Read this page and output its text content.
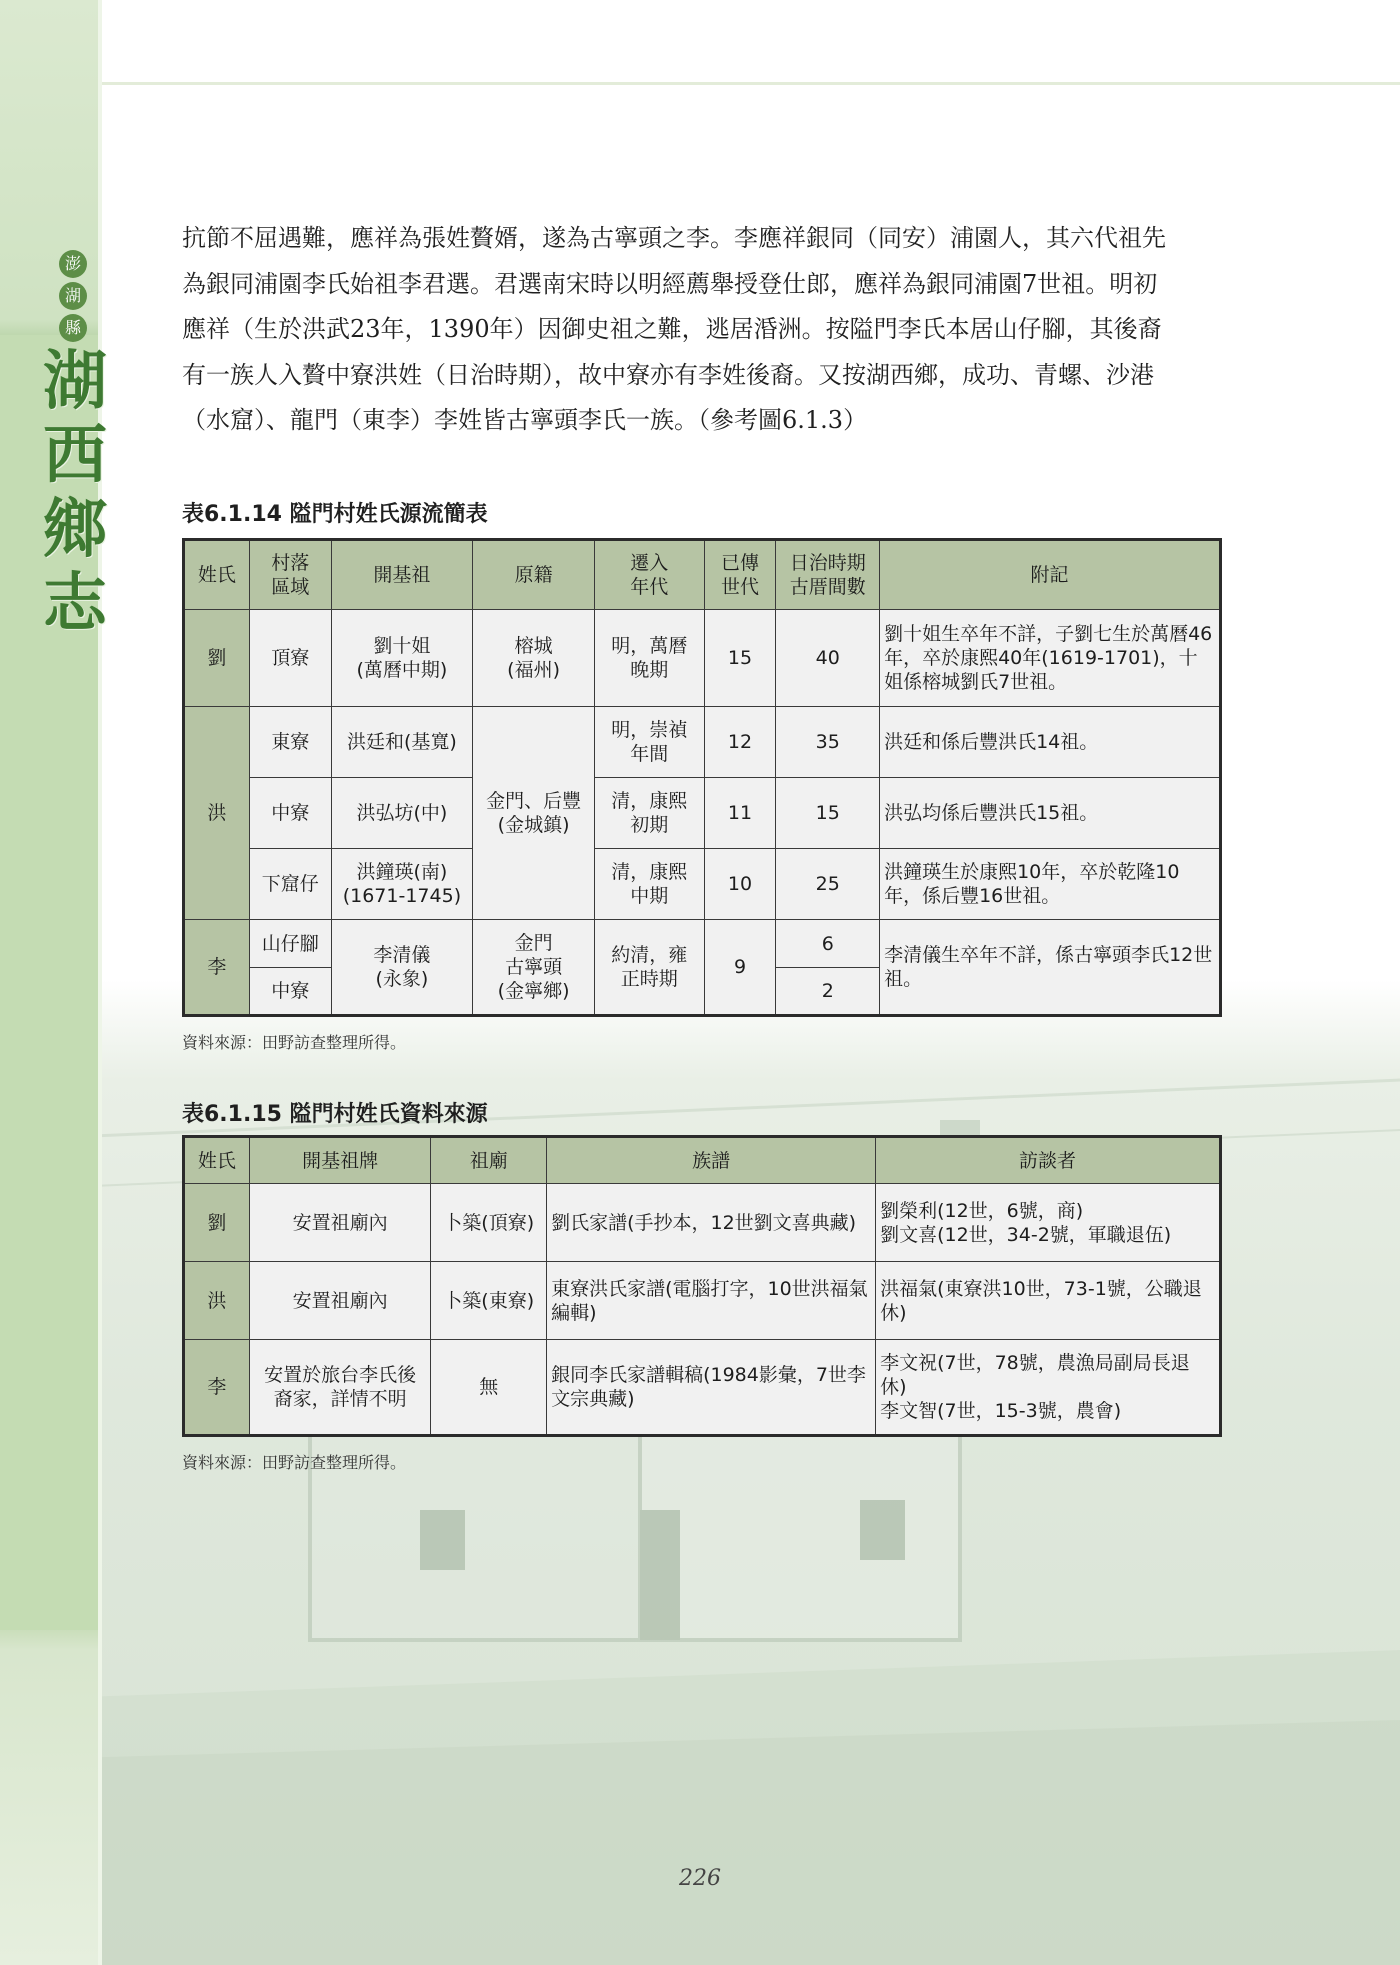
澎
湖
縣
湖
西
鄉
志
抗節不屈遇難，應祥為張姓贅婿，遂為古寧頭之李。李應祥銀同（同安）浦園人，其六代祖先
為銀同浦園李氏始祖李君選。君選南宋時以明經薦舉授登仕郎，應祥為銀同浦園7世祖。明初
應祥（生於洪武23年，1390年）因御史祖之難，逃居涽洲。按隘門李氏本居山仔腳，其後裔
有一族人入贅中寮洪姓（日治時期），故中寮亦有李姓後裔。又按湖西鄉，成功、青螺、沙港
（水窟）、龍門（東李）李姓皆古寧頭李氏一族。（參考圖6.1.3）
表6.1.14 隘門村姓氏源流簡表
姓氏	村落
區域	開基祖	原籍	遷入
年代	已傳
世代	日治時期
古厝間數	附記
劉	頂寮	劉十姐
(萬曆中期)	榕城
(福州)	明，萬曆
晚期	15	40	劉十姐生卒年不詳，子劉七生於萬曆46年，卒於康熙40年(1619-1701)，十姐係榕城劉氏7世祖。
洪	東寮	洪廷和(基寬)	金門、后豐
(金城鎮)	明，崇禎
年間	12	35	洪廷和係后豐洪氏14祖。
	中寮	洪弘坊(中)		清，康熙
初期	11	15	洪弘均係后豐洪氏15祖。
	下窟仔	洪鐘瑛(南)
(1671-1745)		清，康熙
中期	10	25	洪鐘瑛生於康熙10年，卒於乾隆10年，係后豐16世祖。
李	山仔腳	李清儀
(永象)	金門
古寧頭
(金寧鄉)	約清，雍
正時期	9	6	李清儀生卒年不詳，係古寧頭李氏12世祖。
	中寮					2	
資料來源：田野訪查整理所得。
表6.1.15 隘門村姓氏資料來源
姓氏	開基祖牌	祖廟	族譜	訪談者
劉	安置祖廟內	卜築(頂寮)	劉氏家譜(手抄本，12世劉文喜典藏)	劉榮利(12世，6號，商)
劉文喜(12世，34-2號，軍職退伍)
洪	安置祖廟內	卜築(東寮)	東寮洪氏家譜(電腦打字，10世洪福氣編輯)	洪福氣(東寮洪10世，73-1號，公職退休)
李	安置於旅台李氏後
裔家，詳情不明	無	銀同李氏家譜輯稿(1984影彙，7世李文宗典藏)	李文祝(7世，78號，農漁局副局長退休)
李文智(7世，15-3號，農會)
資料來源：田野訪查整理所得。
226
